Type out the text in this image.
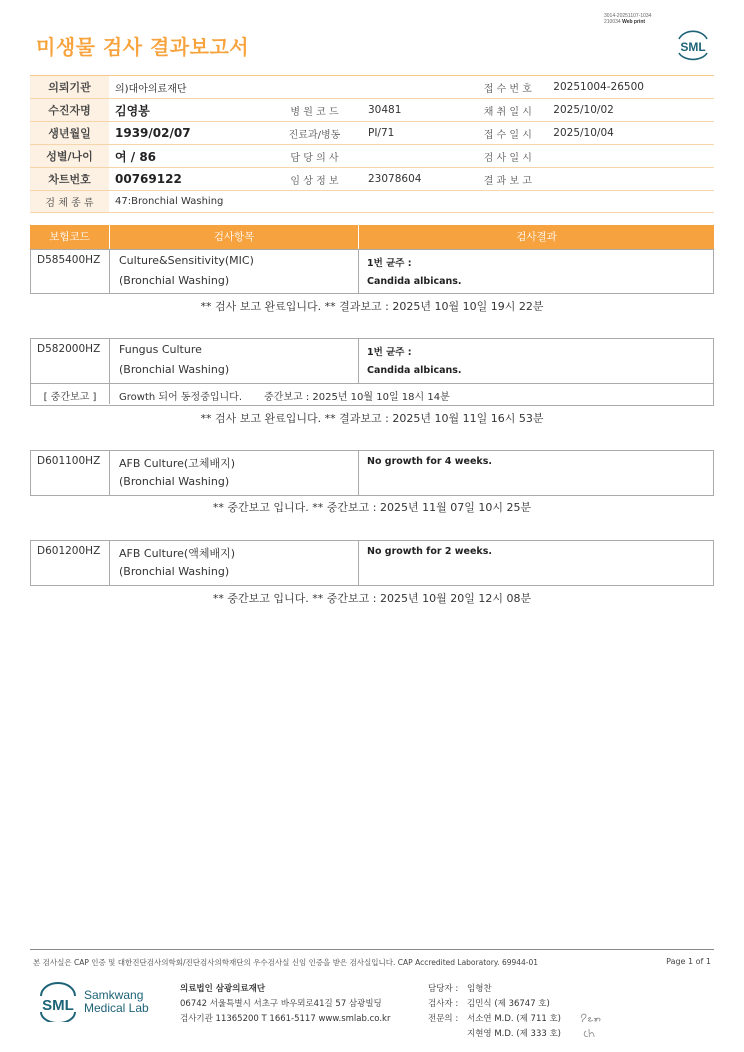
3014-20251107-1034
210034 Web print
미생물 검사 결과보고서	SML
의뢰기관	의)대아의료재단			접 수 번 호	20251004-26500
수진자명	김영봉	병 원 코 드	30481	채 취 일 시	2025/10/02
생년월일	1939/02/07	진료과/병동	PI/71	접 수 일 시	2025/10/04
성별/나이	여 / 86	담 당 의 사		검 사 일 시	
차트번호	00769122	임 상 정 보	23078604	결 과 보 고	
검 체 종 류	47:Bronchial Washing				
보험코드	검사항목	검사결과
D585400HZ	Culture&Sensitivity(MIC)	1번 균주 :
(Bronchial Washing)	Candida albicans.
** 검사 보고 완료입니다. ** 결과보고 : 2025년 10월 10일 19시 22분
D582000HZ	Fungus Culture	1번 균주 :
(Bronchial Washing)	Candida albicans.
[ 중간보고 ]	Growth 되어 동정중입니다. 중간보고 : 2025년 10월 10일 18시 14분
** 검사 보고 완료입니다. ** 결과보고 : 2025년 10월 11일 16시 53분
D601100HZ	AFB Culture(고체배지)	No growth for 4 weeks.
(Bronchial Washing)
** 중간보고 입니다. ** 중간보고 : 2025년 11월 07일 10시 25분
D601200HZ	AFB Culture(액체배지)	No growth for 2 weeks.
(Bronchial Washing)
** 중간보고 입니다. ** 중간보고 : 2025년 10월 20일 12시 08분
본 검사실은 CAP 인증 및 대한진단검사의학회/진단검사의학재단의 우수검사실 신임 인증을 받은 검사실입니다. CAP Accredited Laboratory. 69944-01	Page 1 of 1
SML
Samkwang
Medical Lab
의료법인 삼광의료재단
06742 서울특별시 서초구 바우뫼로41길 57 삼광빌딩
검사기관 11365200 T 1661-5117 www.smlab.co.kr
담당자 :	임형찬
검사자 :	김민식 (제 36747 호)
전문의 :	서소연 M.D. (제 711 호)
지현영 M.D. (제 333 호)
